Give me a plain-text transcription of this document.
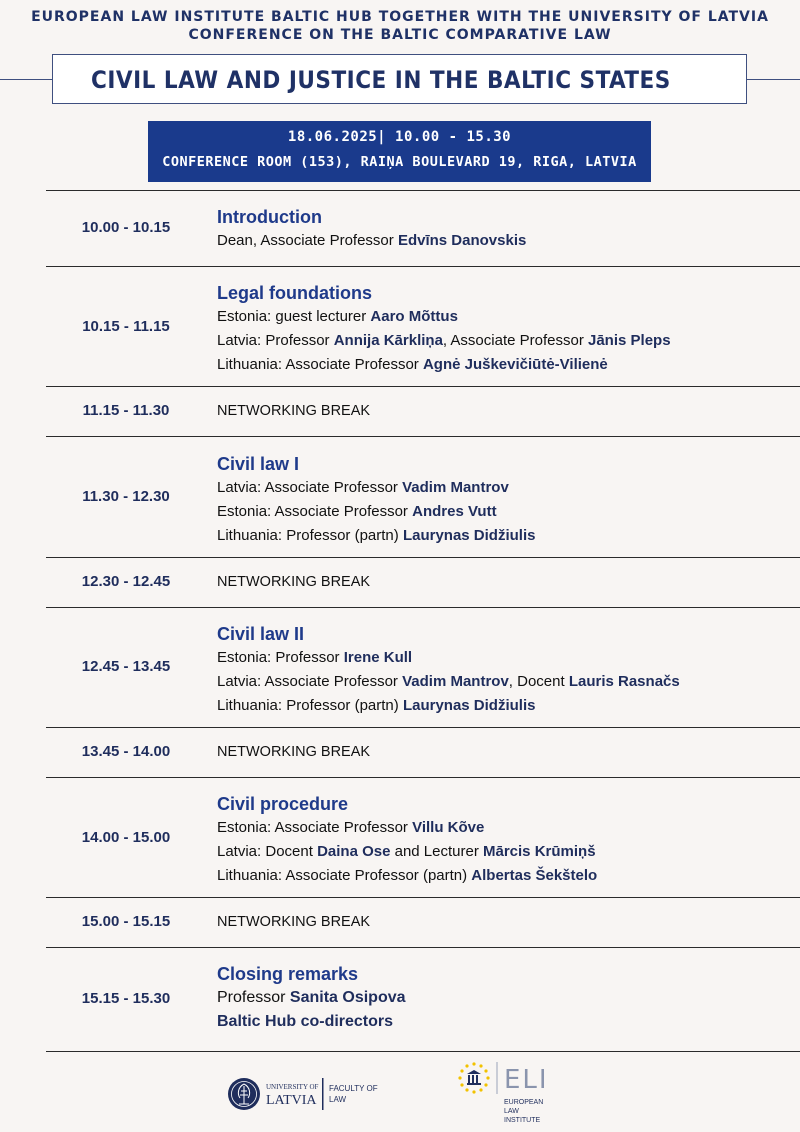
EUROPEAN LAW INSTITUTE BALTIC HUB TOGETHER WITH THE UNIVERSITY OF LATVIA
CONFERENCE ON THE BALTIC COMPARATIVE LAW
CIVIL LAW AND JUSTICE IN THE BALTIC STATES
18.06.2025| 10.00 - 15.30
CONFERENCE ROOM (153), RAIŅA BOULEVARD 19, RIGA, LATVIA
10.00 - 10.15
Introduction
Dean, Associate Professor Edvīns Danovskis
10.15 - 11.15
Legal foundations
Estonia: guest lecturer Aaro Mõttus
Latvia: Professor Annija Kārkliņa, Associate Professor Jānis Pleps
Lithuania: Associate Professor Agnė Juškevičiūtė-Vilienė
11.15 - 11.30	NETWORKING BREAK
11.30 - 12.30
Civil law I
Latvia: Associate Professor Vadim Mantrov
Estonia: Associate Professor Andres Vutt
Lithuania: Professor (partn) Laurynas Didžiulis
12.30 - 12.45	NETWORKING BREAK
12.45 - 13.45
Civil law II
Estonia: Professor Irene Kull
Latvia: Associate Professor Vadim Mantrov, Docent Lauris Rasnačs
Lithuania: Professor (partn) Laurynas Didžiulis
13.45 - 14.00	NETWORKING BREAK
14.00 - 15.00
Civil procedure
Estonia: Associate Professor Villu Kõve
Latvia: Docent Daina Ose and Lecturer Mārcis Krūmiņš
Lithuania: Associate Professor (partn) Albertas Šekštelo
15.00 - 15.15	NETWORKING BREAK
15.15 - 15.30
Closing remarks
Professor Sanita Osipova
Baltic Hub co-directors
UNIVERSITY OF
LATVIA
FACULTY OF
LAW
ELI
EUROPEAN
LAW
INSTITUTE
